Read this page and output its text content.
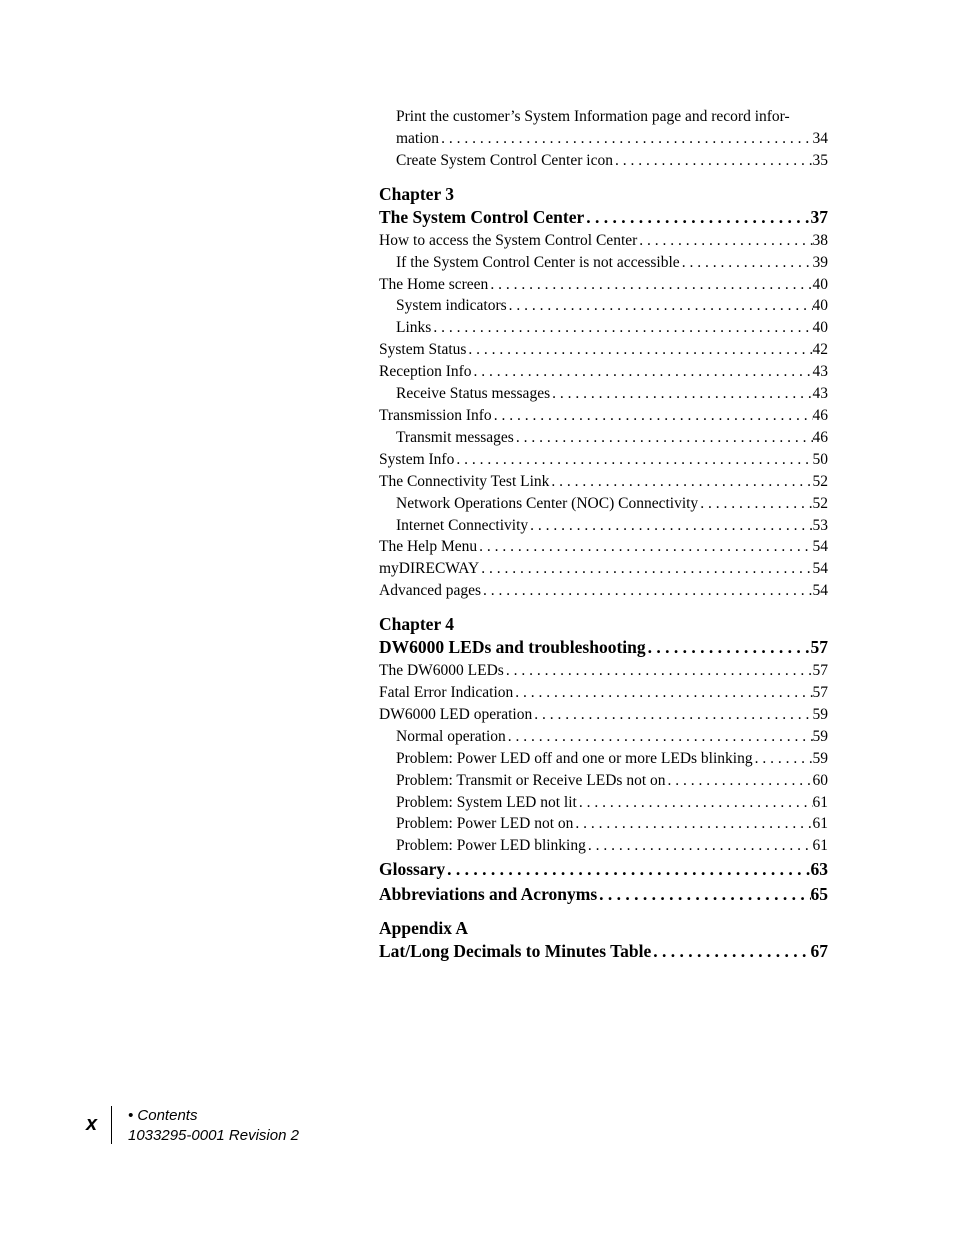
Print the customer’s System Information page and record infor-
mation . . .	34
Create System Control Center icon . . .	35
Chapter 3
The System Control Center . . .	37
How to access the System Control Center . . .	38
If the System Control Center is not accessible . . .	39
The Home screen . . .	40
System indicators . . .	40
Links . . .	40
System Status . . .	42
Reception Info . . .	43
Receive Status messages . . .	43
Transmission Info . . .	46
Transmit messages . . .	46
System Info . . .	50
The Connectivity Test Link . . .	52
Network Operations Center (NOC) Connectivity . . .	52
Internet Connectivity . . .	53
The Help Menu . . .	54
myDIRECWAY . . .	54
Advanced pages . . .	54
Chapter 4
DW6000 LEDs and troubleshooting . . .	57
The DW6000 LEDs . . .	57
Fatal Error Indication . . .	57
DW6000 LED operation . . .	59
Normal operation . . .	59
Problem: Power LED off and one or more LEDs blinking . . .	59
Problem: Transmit or Receive LEDs not on . . .	60
Problem: System LED not lit . . .	61
Problem: Power LED not on . . .	61
Problem: Power LED blinking . . .	61
Glossary . . .	63
Abbreviations and Acronyms . . .	65
Appendix A
Lat/Long Decimals to Minutes Table . . .	67
x • Contents
1033295-0001 Revision 2
